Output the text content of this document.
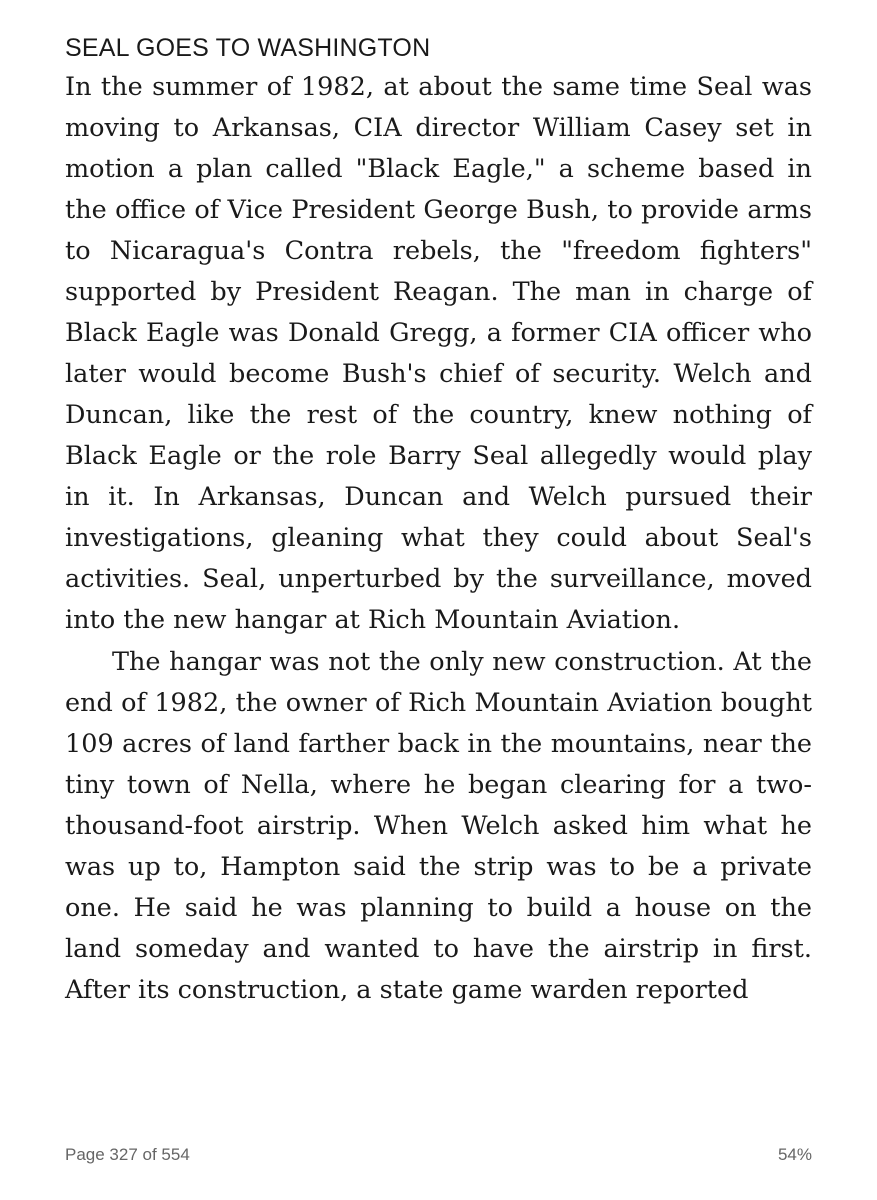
SEAL GOES TO WASHINGTON

In the summer of 1982, at about the same time Seal was moving to Arkansas, CIA director William Casey set in motion a plan called "Black Eagle," a scheme based in the office of Vice President George Bush, to provide arms to Nicaragua's Contra rebels, the "freedom fighters" supported by President Reagan. The man in charge of Black Eagle was Donald Gregg, a former CIA officer who later would become Bush's chief of security. Welch and Duncan, like the rest of the country, knew nothing of Black Eagle or the role Barry Seal allegedly would play in it. In Arkansas, Duncan and Welch pursued their investigations, gleaning what they could about Seal's activities. Seal, unperturbed by the surveillance, moved into the new hangar at Rich Mountain Aviation.

The hangar was not the only new construction. At the end of 1982, the owner of Rich Mountain Aviation bought 109 acres of land farther back in the mountains, near the tiny town of Nella, where he began clearing for a two-thousand-foot airstrip. When Welch asked him what he was up to, Hampton said the strip was to be a private one. He said he was planning to build a house on the land someday and wanted to have the airstrip in first. After its construction, a state game warden reported

Page 327 of 554	54%
